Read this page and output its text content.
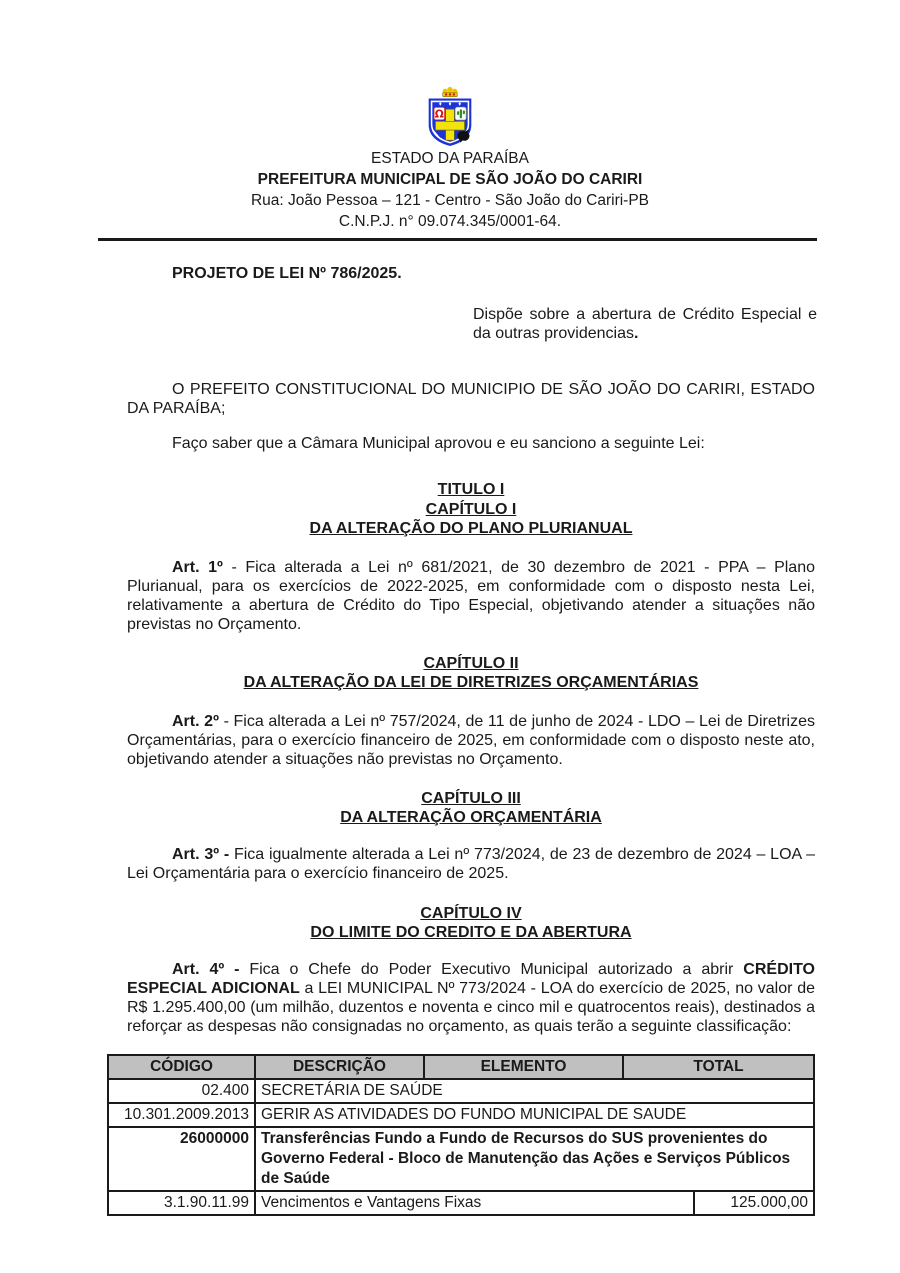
Ω
ESTADO DA PARAÍBA
PREFEITURA MUNICIPAL DE SÃO JOÃO DO CARIRI
Rua: João Pessoa – 121 - Centro - São João do Cariri-PB
C.N.P.J. n° 09.074.345/0001-64.
PROJETO DE LEI Nº 786/2025.
Dispõe sobre a abertura de Crédito Especial e da outras providencias.

O PREFEITO CONSTITUCIONAL DO MUNICIPIO DE SÃO JOÃO DO CARIRI, ESTADO DA PARAÍBA;

Faço saber que a Câmara Municipal aprovou e eu sanciono a seguinte Lei:

TITULO I
CAPÍTULO I
DA ALTERAÇÃO DO PLANO PLURIANUAL

Art. 1º - Fica alterada a Lei nº 681/2021, de 30 dezembro de 2021 - PPA – Plano Plurianual, para os exercícios de 2022-2025, em conformidade com o disposto nesta Lei, relativamente a abertura de Crédito do Tipo Especial, objetivando atender a situações não previstas no Orçamento.

CAPÍTULO II
DA ALTERAÇÃO DA LEI DE DIRETRIZES ORÇAMENTÁRIAS

Art. 2º - Fica alterada a Lei nº 757/2024, de 11 de junho de 2024 - LDO – Lei de Diretrizes Orçamentárias, para o exercício financeiro de 2025, em conformidade com o disposto neste ato, objetivando atender a situações não previstas no Orçamento.

CAPÍTULO III
DA ALTERAÇÃO ORÇAMENTÁRIA

Art. 3º - Fica igualmente alterada a Lei nº 773/2024, de 23 de dezembro de 2024 – LOA – Lei Orçamentária para o exercício financeiro de 2025.

CAPÍTULO IV
DO LIMITE DO CREDITO E DA ABERTURA

Art. 4º - Fica o Chefe do Poder Executivo Municipal autorizado a abrir CRÉDITO ESPECIAL ADICIONAL a LEI MUNICIPAL Nº 773/2024 - LOA do exercício de 2025, no valor de R$ 1.295.400,00 (um milhão, duzentos e noventa e cinco mil e quatrocentos reais), destinados a reforçar as despesas não consignadas no orçamento, as quais terão a seguinte classificação:

CÓDIGO	DESCRIÇÃO	ELEMENTO	TOTAL
02.400 SECRETÁRIA DE SAÚDE
10.301.2009.2013 GERIR AS ATIVIDADES DO FUNDO MUNICIPAL DE SAUDE
26000000 Transferências Fundo a Fundo de Recursos do SUS provenientes do Governo Federal - Bloco de Manutenção das Ações e Serviços Públicos de Saúde
3.1.90.11.99 Vencimentos e Vantagens Fixas	125.000,00
